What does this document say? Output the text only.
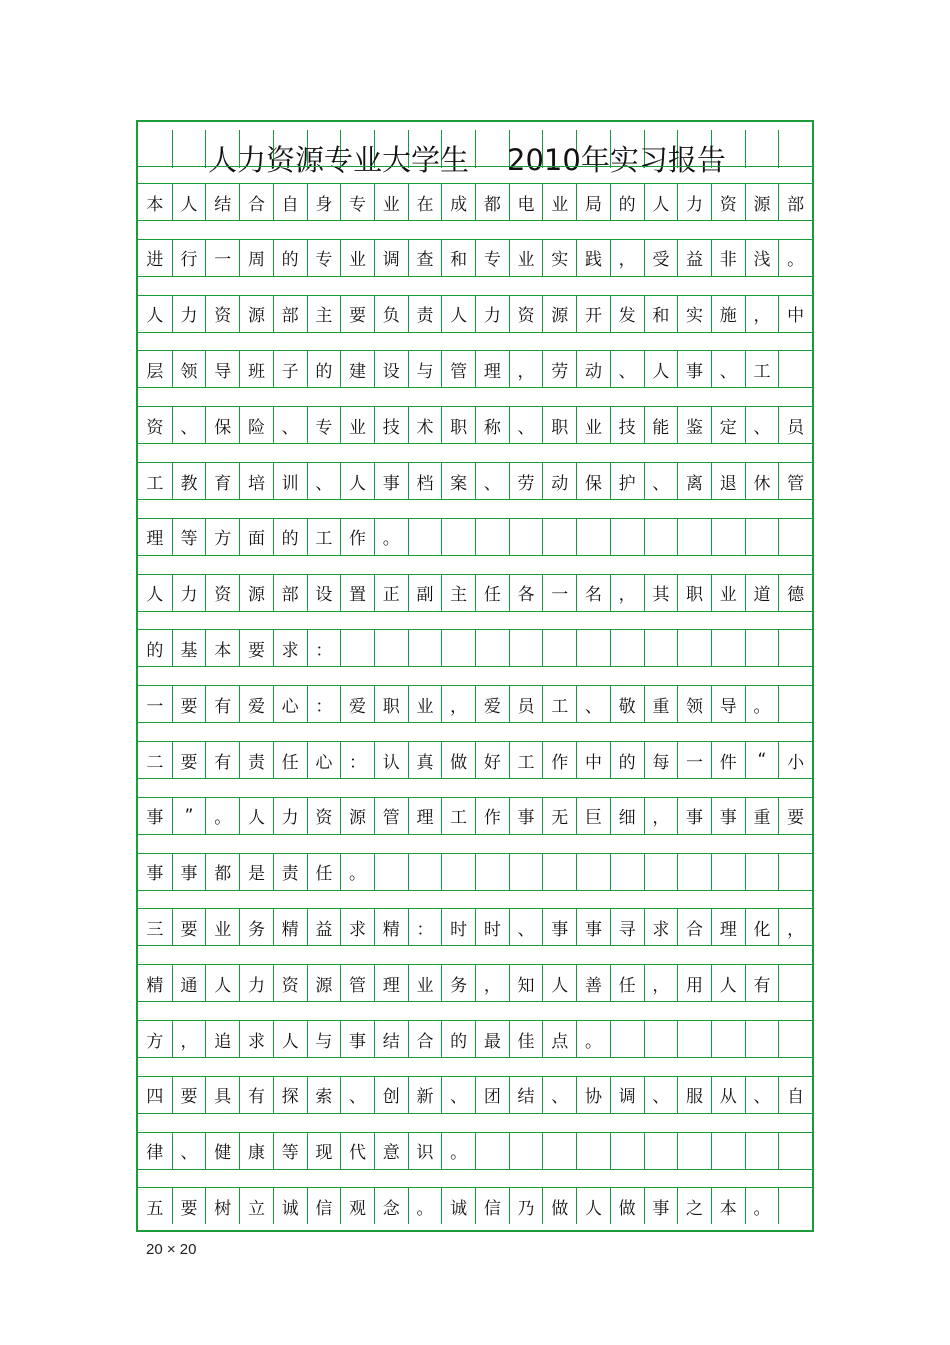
人力资源专业大学生 2010年实习报告
本	人 结 合 自 身 专 业 在 成 都 电 业 局 的 人 力 资 源 部
进	行 一 周 的 专 业 调 查 和 专 业 实 践 ， 受 益 非 浅 。
人	力 资 源 部 主 要 负 责 人 力 资 源 开 发 和 实 施 ， 中
层	领 导 班 子 的 建 设 与 管 理 ， 劳 动 、 人 事 、 工
资	、 保 险 、 专 业 技 术 职 称 、 职 业 技 能 鉴 定 、 员
工	教 育 培 训 、 人 事 档 案 、 劳 动 保 护 、 离 退 休 管
理	等 方 面 的 工 作 。
人	力 资 源 部 设 置 正 副 主 任 各 一 名 ， 其 职 业 道 德
的	基 本 要 求 ：
一	要 有 爱 心 ： 爱 职 业 ， 爱 员 工 、 敬 重 领 导 。
二	要 有 责 任 心 ： 认 真 做 好 工 作 中 的 每 一 件	“	小
事	”	。 人 力 资 源 管 理 工 作 事 无 巨 细 ， 事 事 重 要
事	事 都 是 责 任 。
三	要 业 务 精 益 求 精 ： 时 时 、 事 事 寻 求 合 理 化 ，
精	通 人 力 资 源 管 理 业 务 ， 知 人 善 任 ， 用 人 有
方	， 追 求 人 与 事 结 合 的 最 佳 点 。
四	要 具 有 探 索 、 创 新 、 团 结 、 协 调 、 服 从 、 自
律	、 健 康 等 现 代 意 识 。
五	要 树 立 诚 信 观 念 。 诚 信 乃 做 人 做 事 之 本 。
20 × 20
